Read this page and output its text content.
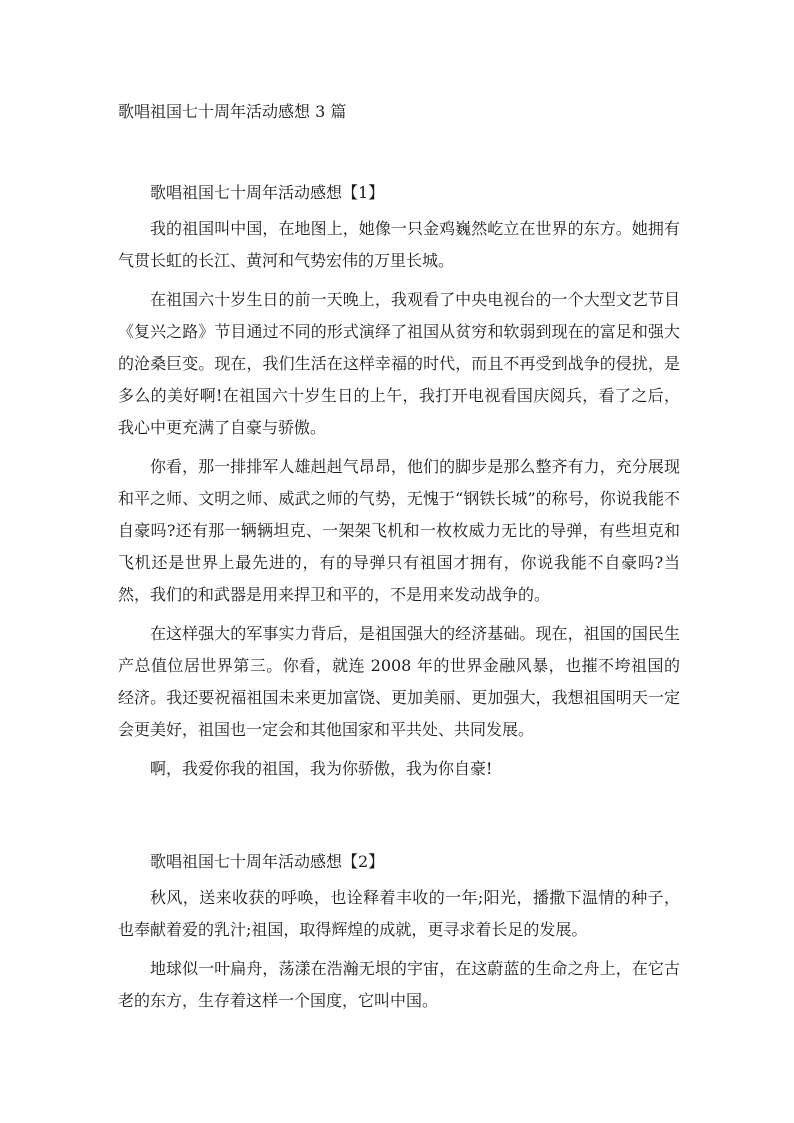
歌唱祖国七十周年活动感想 3 篇
歌唱祖国七十周年活动感想【1】

我的祖国叫中国，在地图上，她像一只金鸡巍然屹立在世界的东方。她拥有气贯长虹的长江、黄河和气势宏伟的万里长城。

在祖国六十岁生日的前一天晚上，我观看了中央电视台的一个大型文艺节目《复兴之路》节目通过不同的形式演绎了祖国从贫穷和软弱到现在的富足和强大的沧桑巨变。现在，我们生活在这样幸福的时代，而且不再受到战争的侵扰，是多么的美好啊!在祖国六十岁生日的上午，我打开电视看国庆阅兵，看了之后，我心中更充满了自豪与骄傲。

你看，那一排排军人雄赳赳气昂昂，他们的脚步是那么整齐有力，充分展现和平之师、文明之师、威武之师的气势，无愧于“钢铁长城”的称号，你说我能不自豪吗?还有那一辆辆坦克、一架架飞机和一枚枚威力无比的导弹，有些坦克和飞机还是世界上最先进的，有的导弹只有祖国才拥有，你说我能不自豪吗?当然，我们的和武器是用来捍卫和平的，不是用来发动战争的。

在这样强大的军事实力背后，是祖国强大的经济基础。现在，祖国的国民生产总值位居世界第三。你看，就连 2008 年的世界金融风暴，也摧不垮祖国的经济。我还要祝福祖国未来更加富饶、更加美丽、更加强大，我想祖国明天一定会更美好，祖国也一定会和其他国家和平共处、共同发展。

啊，我爱你我的祖国，我为你骄傲，我为你自豪!

歌唱祖国七十周年活动感想【2】

秋风，送来收获的呼唤，也诠释着丰收的一年;阳光，播撒下温情的种子，也奉献着爱的乳汁;祖国，取得辉煌的成就，更寻求着长足的发展。

地球似一叶扁舟，荡漾在浩瀚无垠的宇宙，在这蔚蓝的生命之舟上，在它古老的东方，生存着这样一个国度，它叫中国。
